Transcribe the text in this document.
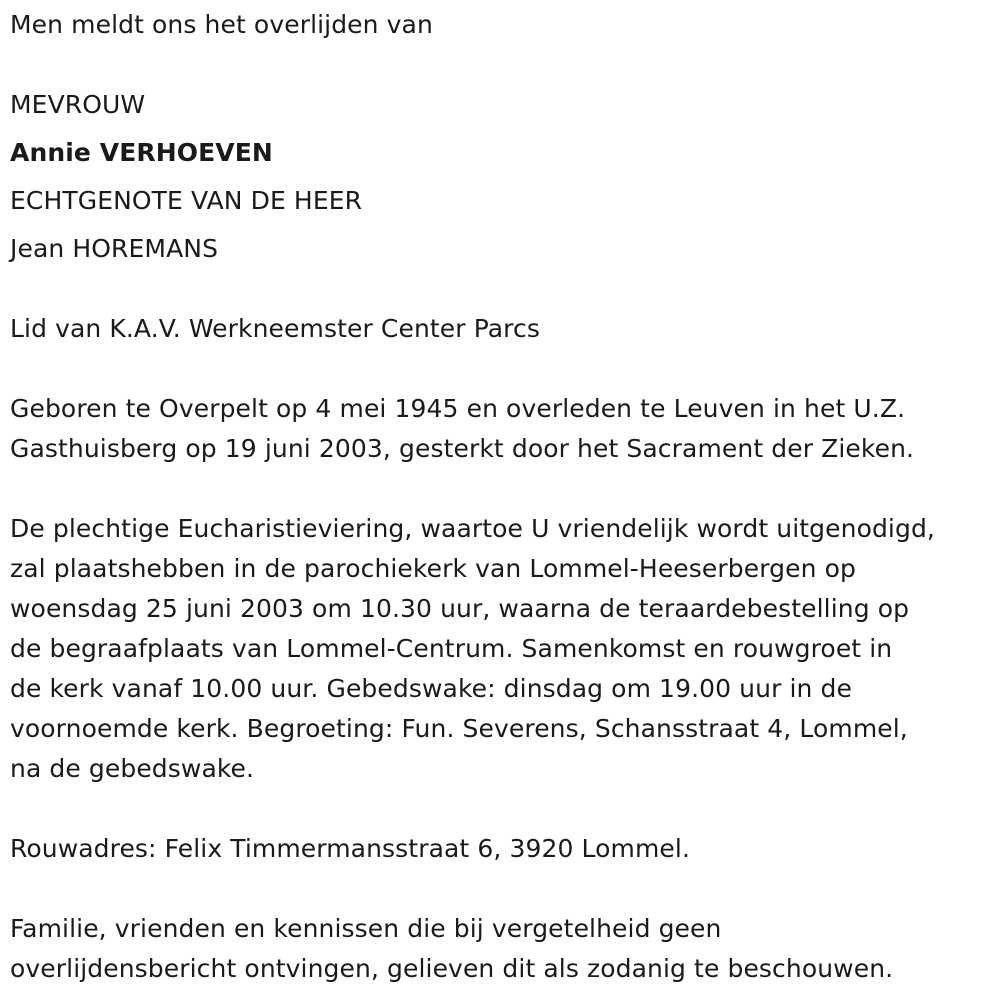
Men meldt ons het overlijden van
MEVROUW
Annie VERHOEVEN
ECHTGENOTE VAN DE HEER
Jean HOREMANS
Lid van K.A.V. Werkneemster Center Parcs
Geboren te Overpelt op 4 mei 1945 en overleden te Leuven in het U.Z.
Gasthuisberg op 19 juni 2003, gesterkt door het Sacrament der Zieken.
De plechtige Eucharistieviering, waartoe U vriendelijk wordt uitgenodigd,
zal plaatshebben in de parochiekerk van Lommel-Heeserbergen op
woensdag 25 juni 2003 om 10.30 uur, waarna de teraardebestelling op
de begraafplaats van Lommel-Centrum. Samenkomst en rouwgroet in
de kerk vanaf 10.00 uur. Gebedswake: dinsdag om 19.00 uur in de
voornoemde kerk. Begroeting: Fun. Severens, Schansstraat 4, Lommel,
na de gebedswake.
Rouwadres: Felix Timmermansstraat 6, 3920 Lommel.
Familie, vrienden en kennissen die bij vergetelheid geen
overlijdensbericht ontvingen, gelieven dit als zodanig te beschouwen.
